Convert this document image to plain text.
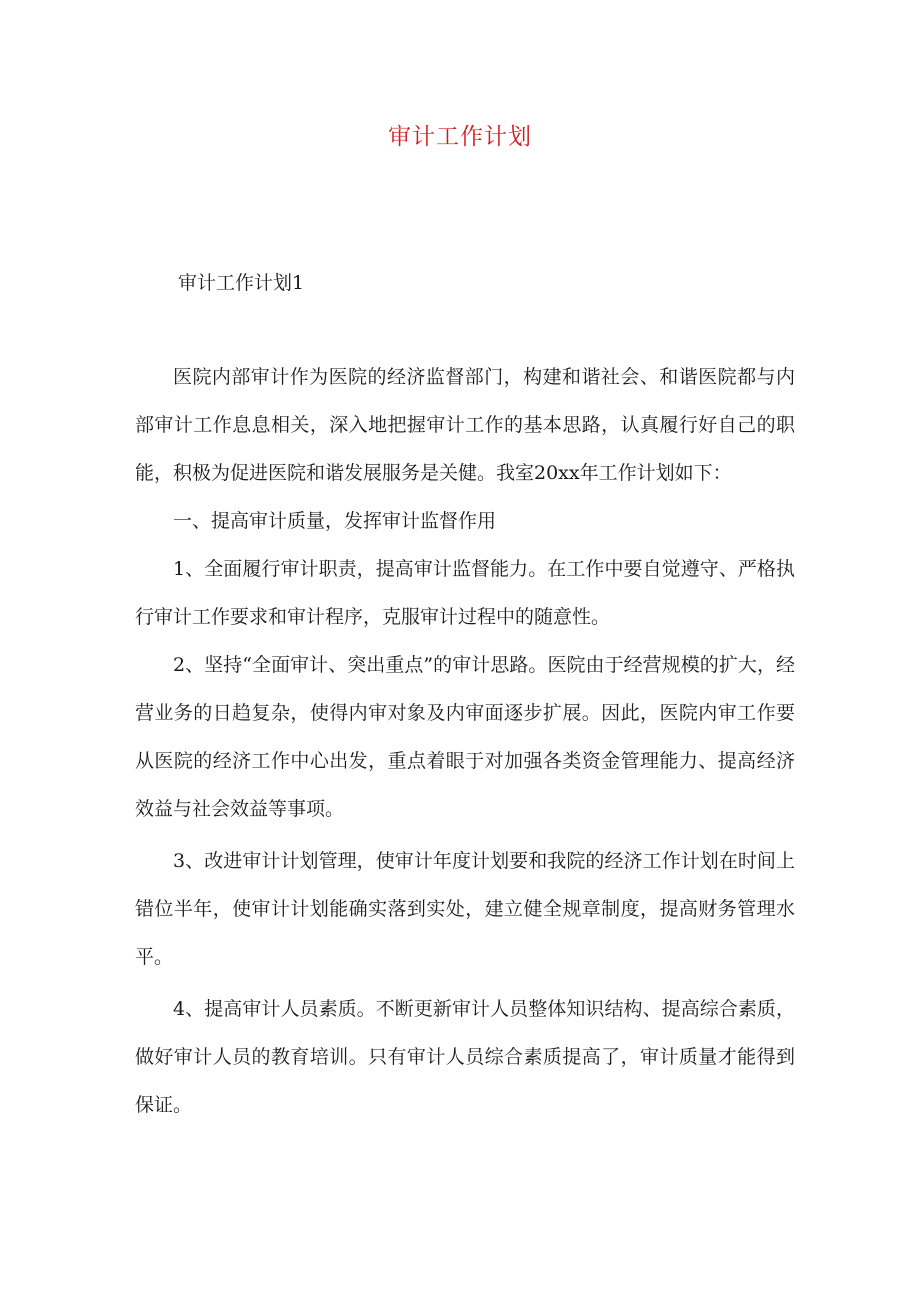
审计工作计划
审计工作计划1

医院内部审计作为医院的经济监督部门，构建和谐社会、和谐医院都与内部审计工作息息相关，深入地把握审计工作的基本思路，认真履行好自己的职能，积极为促进医院和谐发展服务是关健。我室20xx年工作计划如下：

一、提高审计质量，发挥审计监督作用

1、全面履行审计职责，提高审计监督能力。在工作中要自觉遵守、严格执行审计工作要求和审计程序，克服审计过程中的随意性。

2、坚持“全面审计、突出重点”的审计思路。医院由于经营规模的扩大，经营业务的日趋复杂，使得内审对象及内审面逐步扩展。因此，医院内审工作要从医院的经济工作中心出发，重点着眼于对加强各类资金管理能力、提高经济效益与社会效益等事项。

3、改进审计计划管理，使审计年度计划要和我院的经济工作计划在时间上错位半年，使审计计划能确实落到实处，建立健全规章制度，提高财务管理水平。

4、提高审计人员素质。不断更新审计人员整体知识结构、提高综合素质，做好审计人员的教育培训。只有审计人员综合素质提高了，审计质量才能得到保证。
